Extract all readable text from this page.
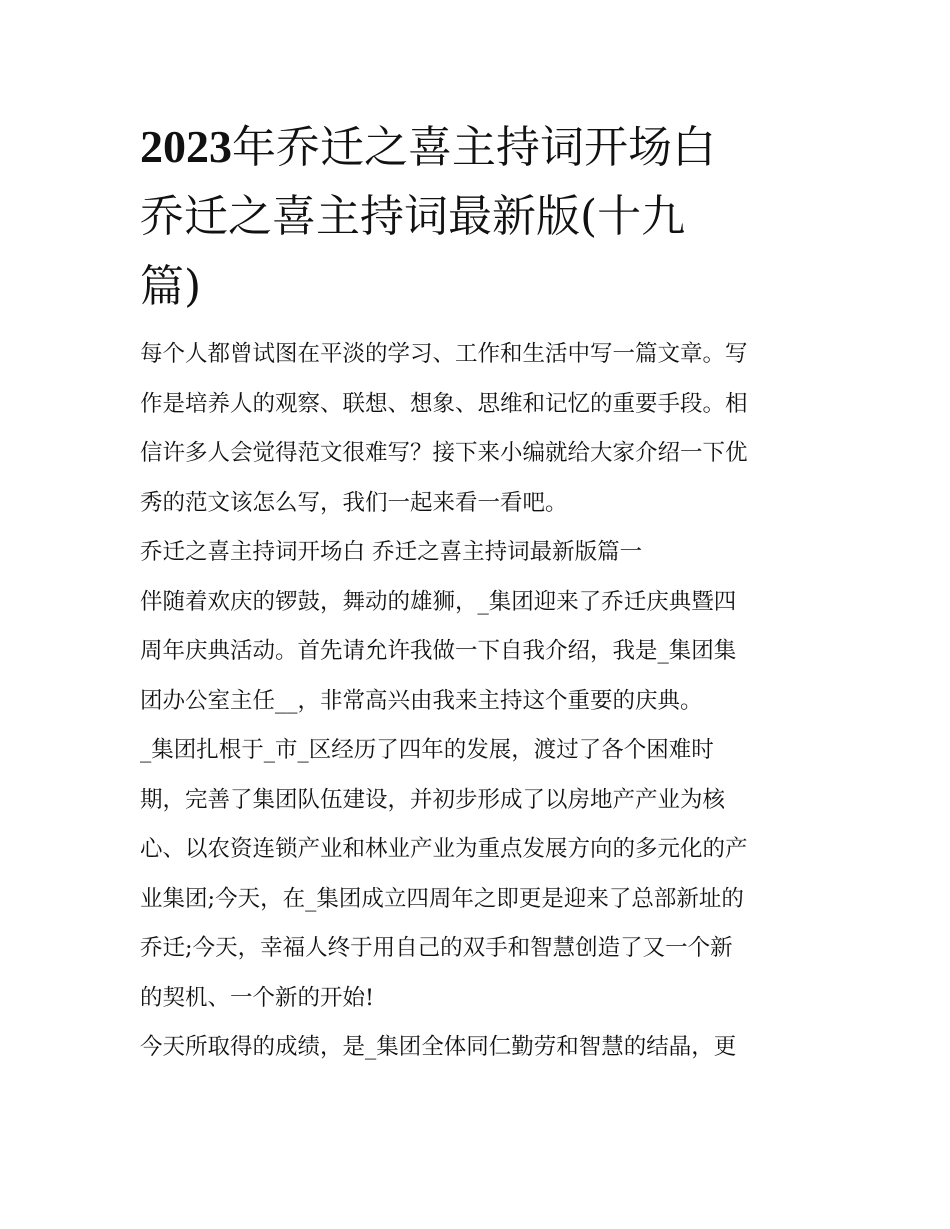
2023年乔迁之喜主持词开场白
乔迁之喜主持词最新版(十九
篇)
每个人都曾试图在平淡的学习、工作和生活中写一篇文章。写
作是培养人的观察、联想、想象、思维和记忆的重要手段。相
信许多人会觉得范文很难写？接下来小编就给大家介绍一下优
秀的范文该怎么写，我们一起来看一看吧。
乔迁之喜主持词开场白 乔迁之喜主持词最新版篇一
伴随着欢庆的锣鼓，舞动的雄狮，_集团迎来了乔迁庆典暨四
周年庆典活动。首先请允许我做一下自我介绍，我是_集团集
团办公室主任__，非常高兴由我来主持这个重要的庆典。
_集团扎根于_市_区经历了四年的发展，渡过了各个困难时
期，完善了集团队伍建设，并初步形成了以房地产产业为核
心、以农资连锁产业和林业产业为重点发展方向的多元化的产
业集团;今天，在_集团成立四周年之即更是迎来了总部新址的
乔迁;今天，幸福人终于用自己的双手和智慧创造了又一个新
的契机、一个新的开始!
今天所取得的成绩，是_集团全体同仁勤劳和智慧的结晶，更
